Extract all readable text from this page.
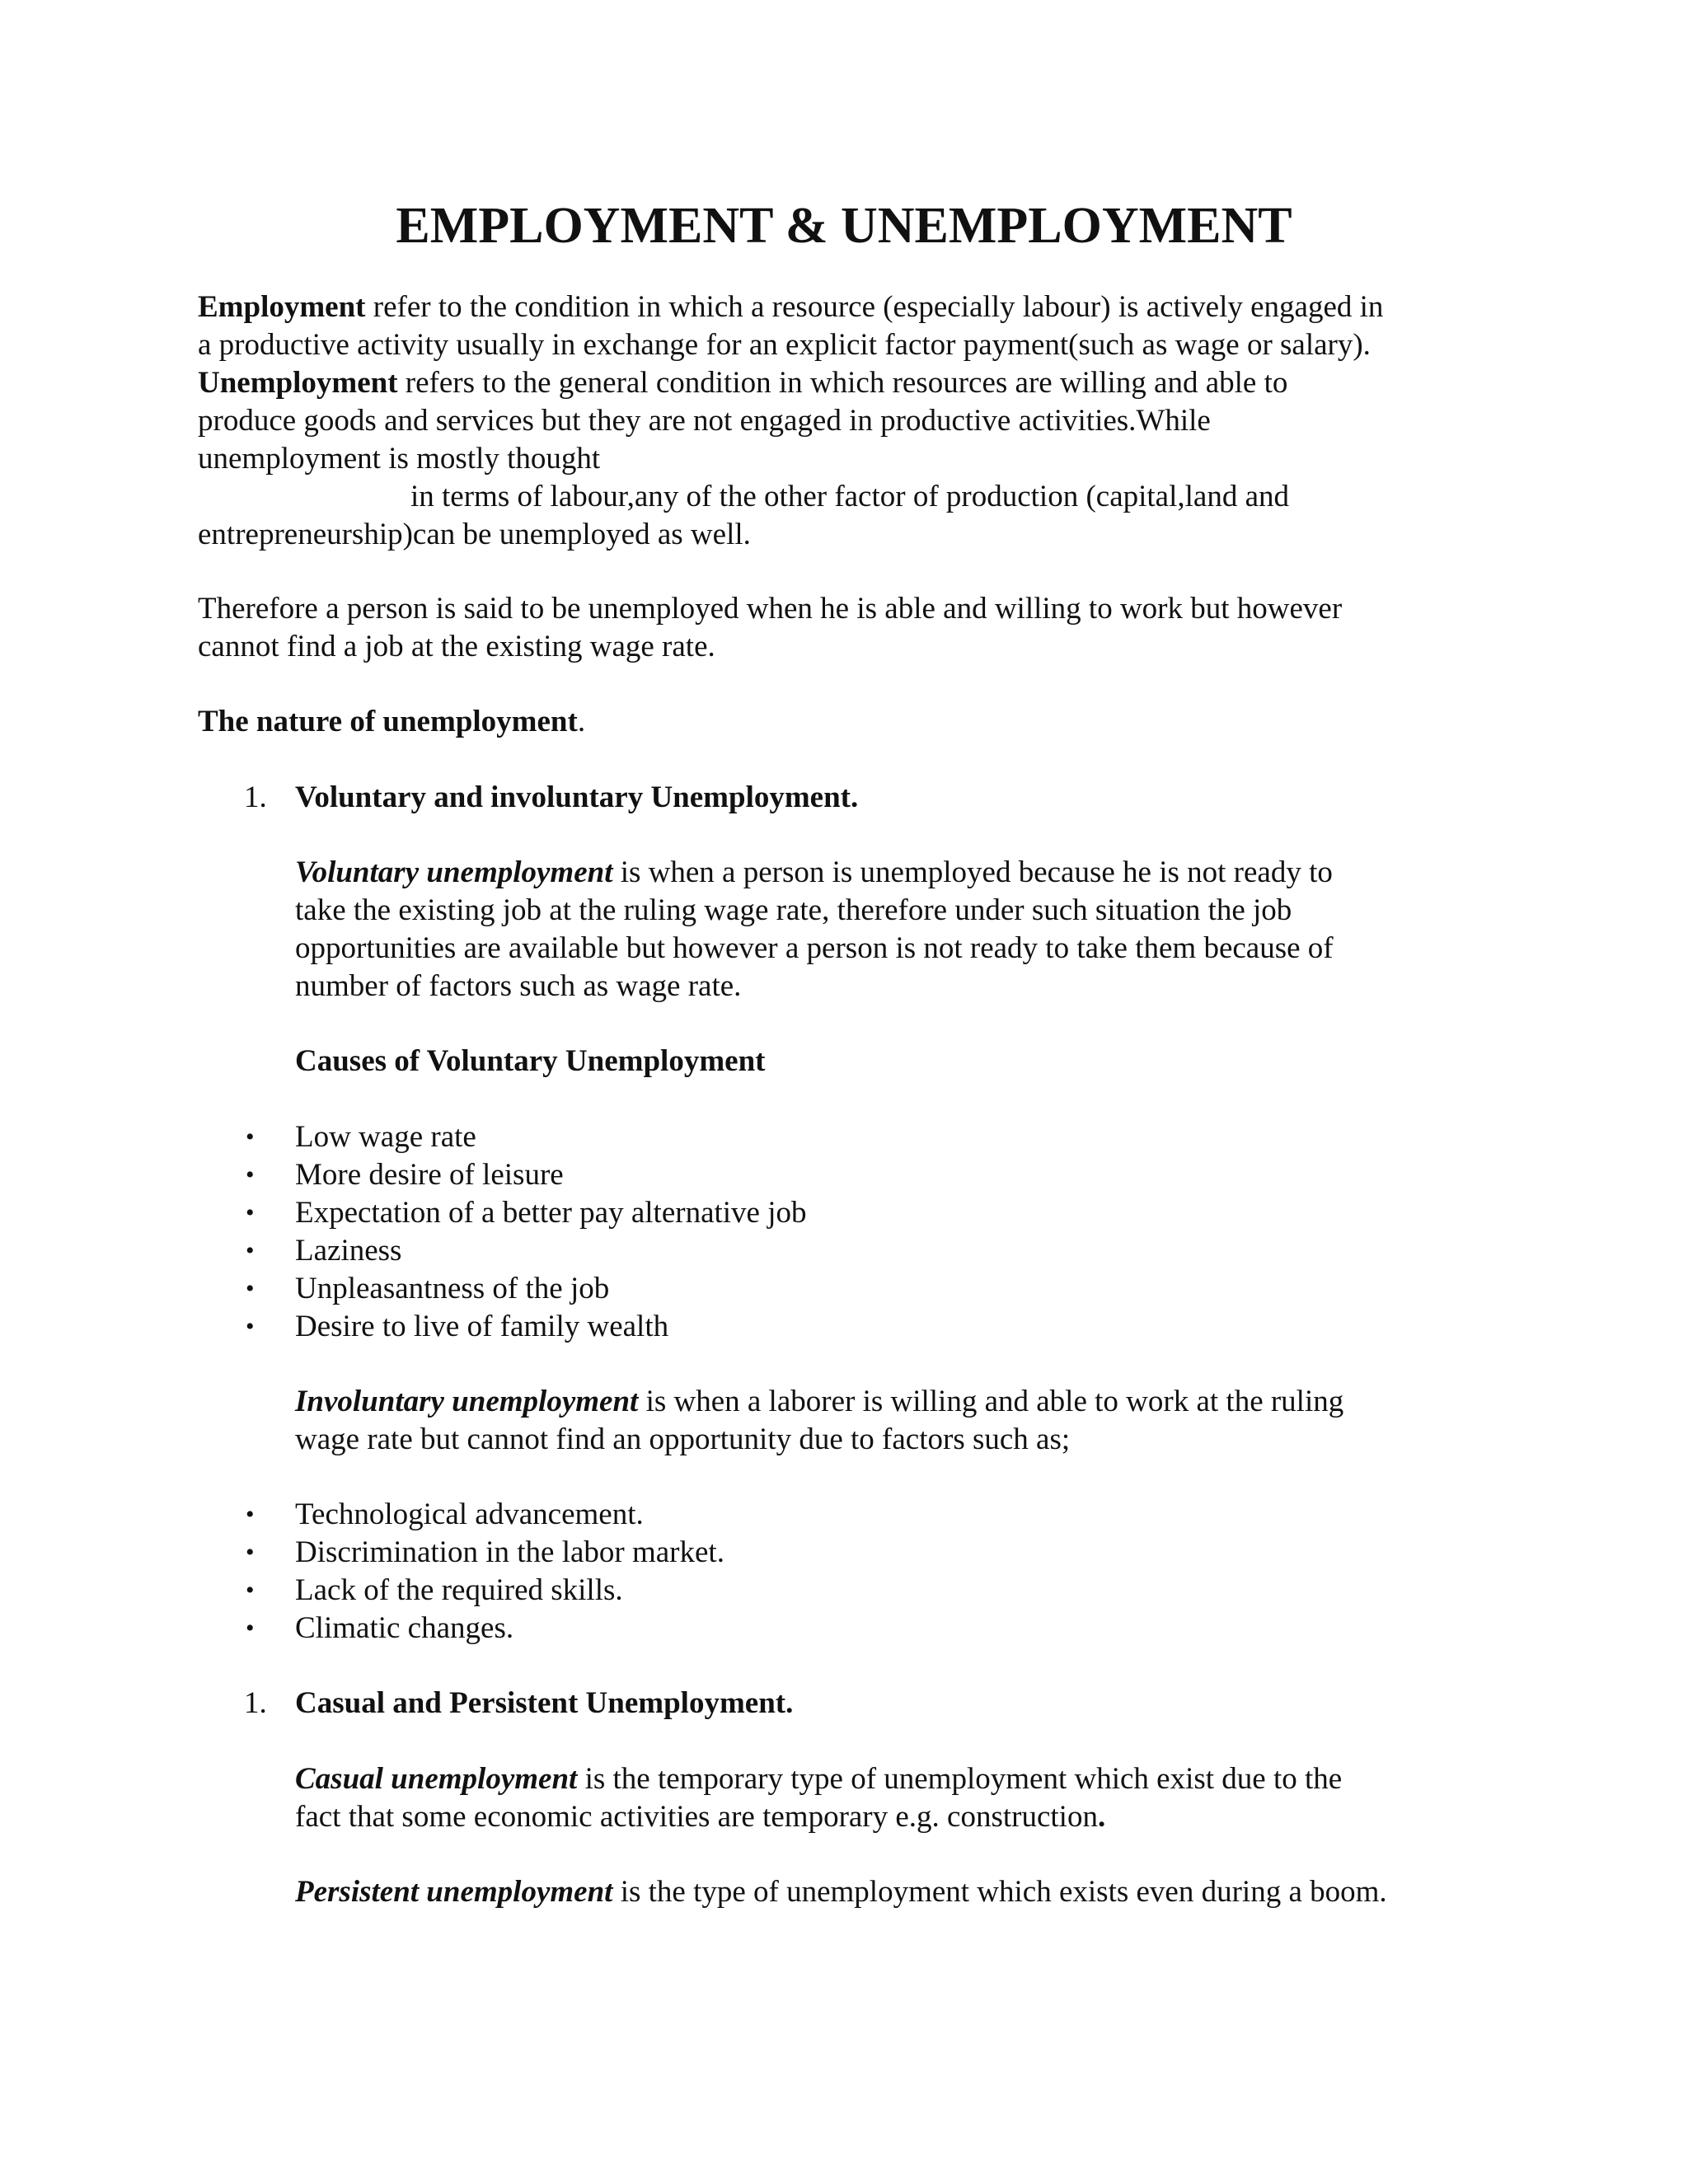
EMPLOYMENT & UNEMPLOYMENT

Employment refer to the condition in which a resource (especially labour) is actively engaged in

a productive activity usually in exchange for an explicit factor payment(such as wage or salary).

Unemployment refers to the general condition in which resources are willing and able to

produce goods and services but they are not engaged in productive activities.While

unemployment is mostly thought

in terms of labour,any of the other factor of production (capital,land and

entrepreneurship)can be unemployed as well.

Therefore a person is said to be unemployed when he is able and willing to work but however

cannot find a job at the existing wage rate.

The nature of unemployment.

1. Voluntary and involuntary Unemployment.

Voluntary unemployment is when a person is unemployed because he is not ready to

take the existing job at the ruling wage rate, therefore under such situation the job

opportunities are available but however a person is not ready to take them because of

number of factors such as wage rate.

Causes of Voluntary Unemployment

• Low wage rate

• More desire of leisure

• Expectation of a better pay alternative job

• Laziness

• Unpleasantness of the job

• Desire to live of family wealth

Involuntary unemployment is when a laborer is willing and able to work at the ruling

wage rate but cannot find an opportunity due to factors such as;

• Technological advancement.

• Discrimination in the labor market.

• Lack of the required skills.

• Climatic changes.

1. Casual and Persistent Unemployment.

Casual unemployment is the temporary type of unemployment which exist due to the

fact that some economic activities are temporary e.g. construction.

Persistent unemployment is the type of unemployment which exists even during a boom.
